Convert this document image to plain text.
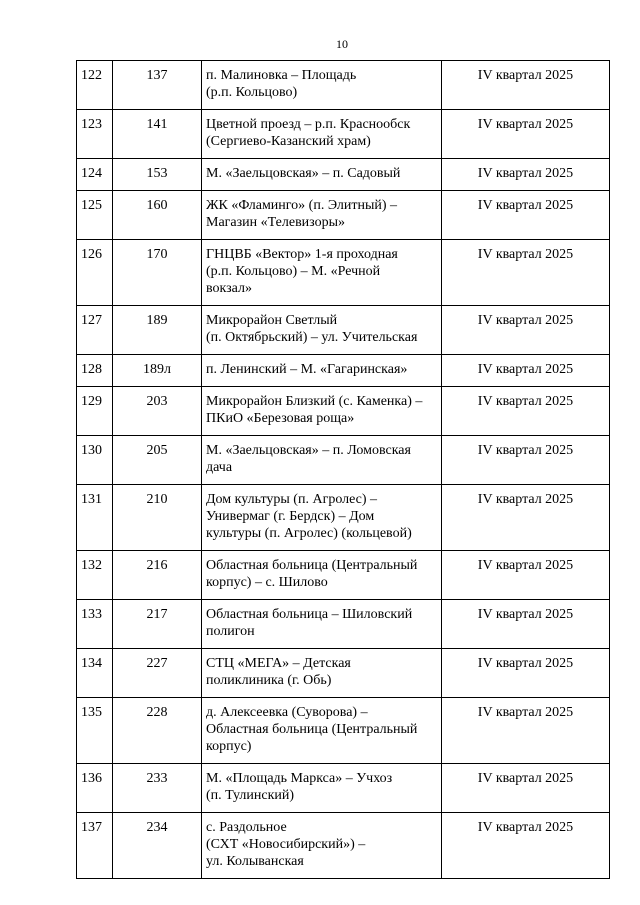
10
122	137	п. Малиновка – Площадь
(р.п. Кольцово)	IV квартал 2025
123	141	Цветной проезд – р.п. Краснообск
(Сергиево-Казанский храм)	IV квартал 2025
124	153	М. «Заельцовская» – п. Садовый	IV квартал 2025
125	160	ЖК «Фламинго» (п. Элитный) –
Магазин «Телевизоры»	IV квартал 2025
126	170	ГНЦВБ «Вектор» 1-я проходная
(р.п. Кольцово) – М. «Речной
вокзал»	IV квартал 2025
127	189	Микрорайон Светлый
(п. Октябрьский) – ул. Учительская	IV квартал 2025
128	189л	п. Ленинский – М. «Гагаринская»	IV квартал 2025
129	203	Микрорайон Близкий (с. Каменка) –
ПКиО «Березовая роща»	IV квартал 2025
130	205	М. «Заельцовская» – п. Ломовская
дача	IV квартал 2025
131	210	Дом культуры (п. Агролес) –
Универмаг (г. Бердск) – Дом
культуры (п. Агролес) (кольцевой)	IV квартал 2025
132	216	Областная больница (Центральный
корпус) – с. Шилово	IV квартал 2025
133	217	Областная больница – Шиловский
полигон	IV квартал 2025
134	227	СТЦ «МЕГА» – Детская
поликлиника (г. Обь)	IV квартал 2025
135	228	д. Алексеевка (Суворова) –
Областная больница (Центральный
корпус)	IV квартал 2025
136	233	М. «Площадь Маркса» – Учхоз
(п. Тулинский)	IV квартал 2025
137	234	с. Раздольное
(СХТ «Новосибирский») –
ул. Колыванская	IV квартал 2025
